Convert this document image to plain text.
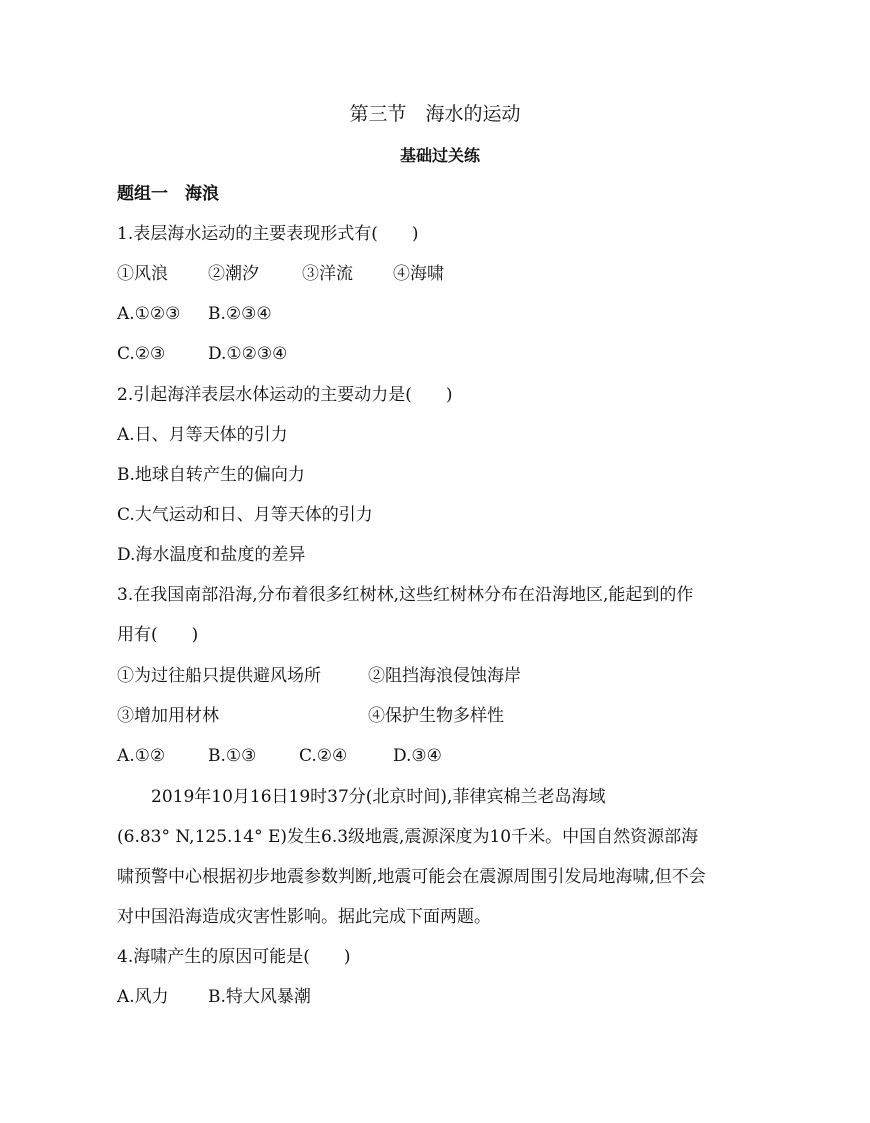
第三节　海水的运动
基础过关练
题组一　海浪
1.表层海水运动的主要表现形式有(　　)
①风浪 ②潮汐	③洋流 ④海啸
A.①②③ B.②③④
C.②③	D.①②③④
2.引起海洋表层水体运动的主要动力是(　　)
A.日、月等天体的引力
B.地球自转产生的偏向力
C.大气运动和日、月等天体的引力
D.海水温度和盐度的差异
3.在我国南部沿海,分布着很多红树林,这些红树林分布在沿海地区,能起到的作
用有(　　)
①为过往船只提供避风场所	②阻挡海浪侵蚀海岸
③增加用材林	④保护生物多样性
A.①②	B.①③	C.②④	D.③④
2019年10月16日19时37分(北京时间),菲律宾棉兰老岛海域
(6.83° N,125.14° E)发生6.3级地震,震源深度为10千米。中国自然资源部海
啸预警中心根据初步地震参数判断,地震可能会在震源周围引发局地海啸,但不会
对中国沿海造成灾害性影响。据此完成下面两题。
4.海啸产生的原因可能是(　　)
A.风力 B.特大风暴潮
